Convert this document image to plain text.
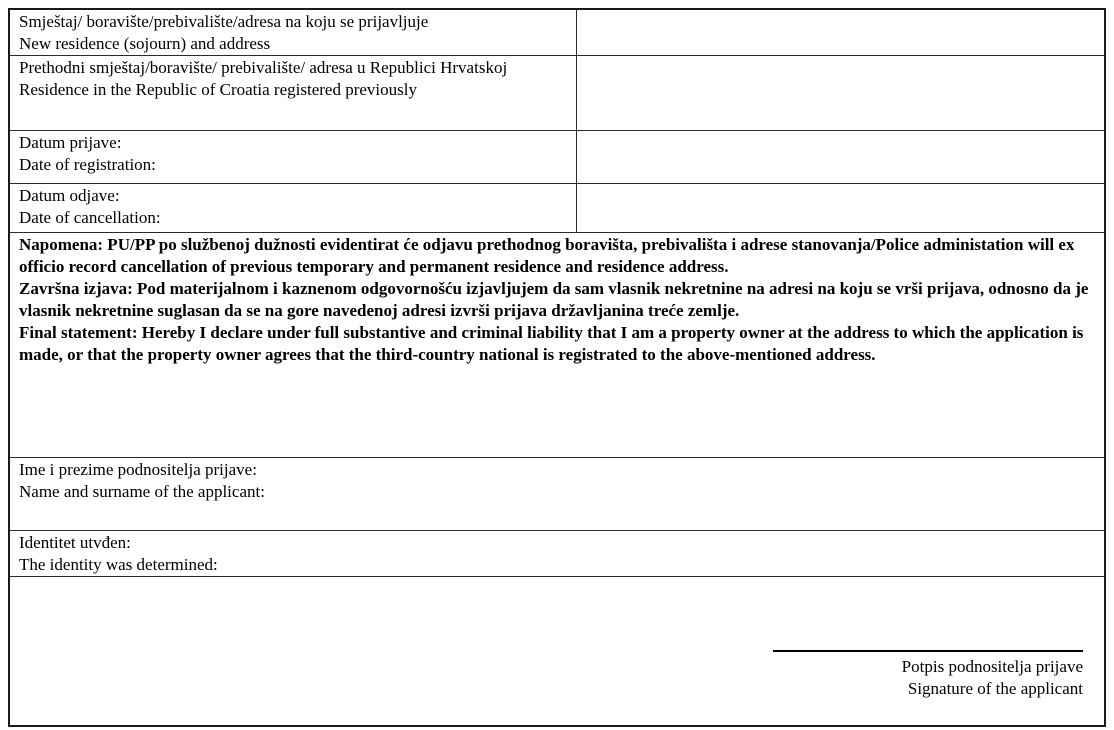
Smještaj/ boravište/prebivalište/adresa na koju se prijavljuje
New residence (sojourn) and address	

Prethodni smještaj/boravište/ prebivalište/ adresa u Republici Hrvatskoj
Residence in the Republic of Croatia registered previously	

Datum prijave:
Date of registration:	

Datum odjave:
Date of cancellation:	

Napomena: PU/PP po službenoj dužnosti evidentirat će odjavu prethodnog boravišta, prebivališta i adrese stanovanja/Police administation will ex officio record cancellation of previous temporary and permanent residence and residence address.

Završna izjava: Pod materijalnom i kaznenom odgovornošću izjavljujem da sam vlasnik nekretnine na adresi na koju se vrši prijava, odnosno da je vlasnik nekretnine suglasan da se na gore navedenoj adresi izvrši prijava državljanina treće zemlje.

Final statement: Hereby I declare under full substantive and criminal liability that I am a property owner at the address to which the application is made, or that the property owner agrees that the third-country national is registrated to the above-mentioned address.	

Ime i prezime podnositelja prijave:
Name and surname of the applicant:	

Identitet utvđen:
The identity was determined:	

Potpis podnositelja prijave
Signature of the applicant	
